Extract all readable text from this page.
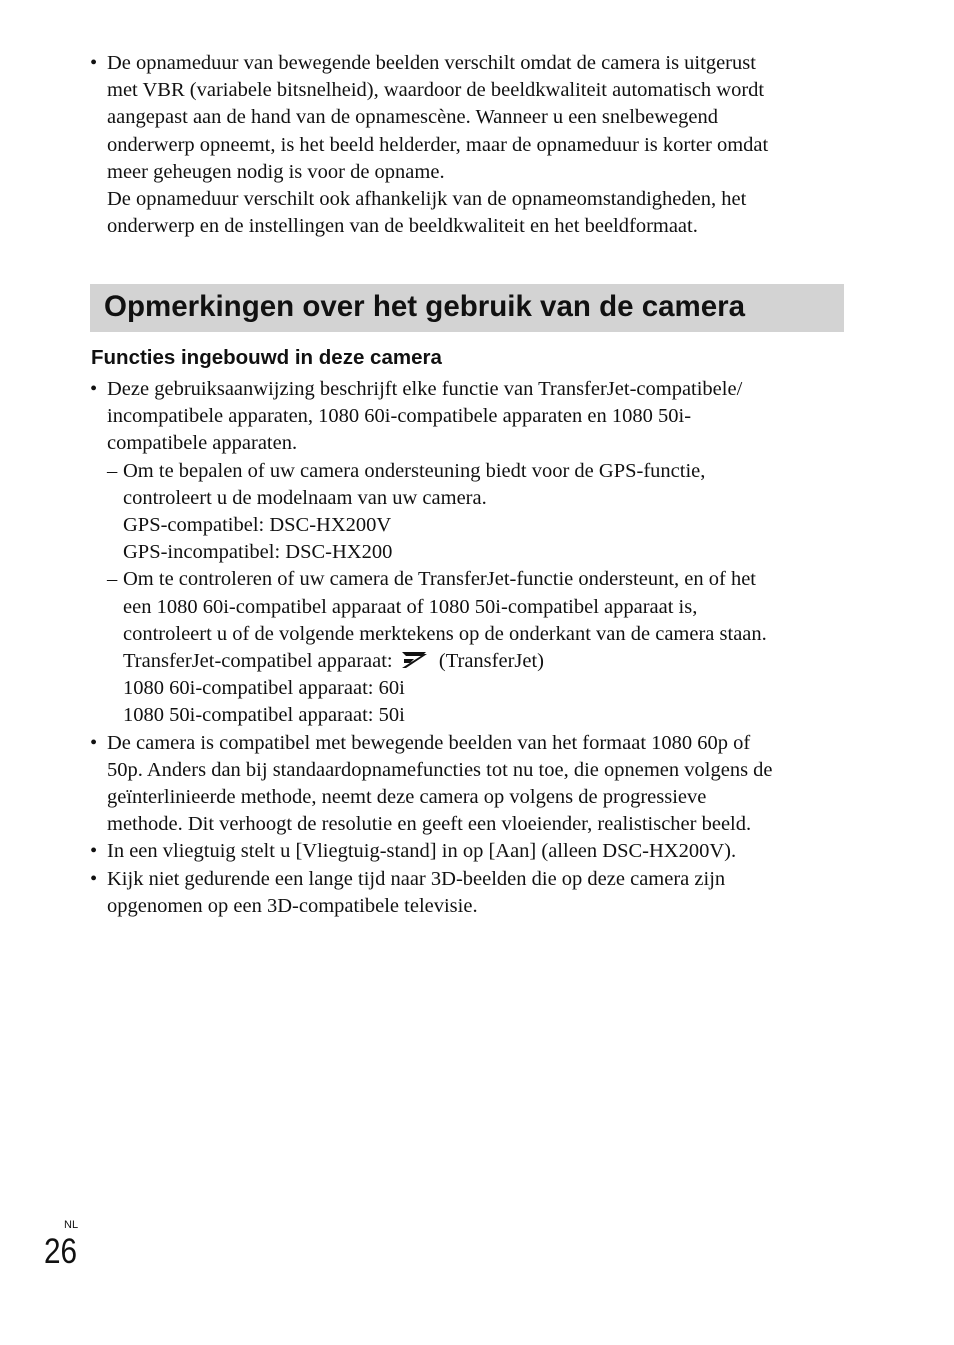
• De opnameduur van bewegende beelden verschilt omdat de camera is uitgerust
met VBR (variabele bitsnelheid), waardoor de beeldkwaliteit automatisch wordt
aangepast aan de hand van de opnamescène. Wanneer u een snelbewegend
onderwerp opneemt, is het beeld helderder, maar de opnameduur is korter omdat
meer geheugen nodig is voor de opname.
De opnameduur verschilt ook afhankelijk van de opnameomstandigheden, het
onderwerp en de instellingen van de beeldkwaliteit en het beeldformaat.
Opmerkingen over het gebruik van de camera
Functies ingebouwd in deze camera
• Deze gebruiksaanwijzing beschrijft elke functie van TransferJet-compatibele/
incompatibele apparaten, 1080 60i-compatibele apparaten en 1080 50i-
compatibele apparaten.
– Om te bepalen of uw camera ondersteuning biedt voor de GPS-functie,
controleert u de modelnaam van uw camera.
GPS-compatibel: DSC-HX200V
GPS-incompatibel: DSC-HX200
– Om te controleren of uw camera de TransferJet-functie ondersteunt, en of het
een 1080 60i-compatibel apparaat of 1080 50i-compatibel apparaat is,
controleert u of de volgende merktekens op de onderkant van de camera staan.
TransferJet-compatibel apparaat: (TransferJet)
1080 60i-compatibel apparaat: 60i
1080 50i-compatibel apparaat: 50i
• De camera is compatibel met bewegende beelden van het formaat 1080 60p of
50p. Anders dan bij standaardopnamefuncties tot nu toe, die opnemen volgens de
geïnterlinieerde methode, neemt deze camera op volgens de progressieve
methode. Dit verhoogt de resolutie en geeft een vloeiender, realistischer beeld.
• In een vliegtuig stelt u [Vliegtuig-stand] in op [Aan] (alleen DSC-HX200V).
• Kijk niet gedurende een lange tijd naar 3D-beelden die op deze camera zijn
opgenomen op een 3D-compatibele televisie.
NL
26
